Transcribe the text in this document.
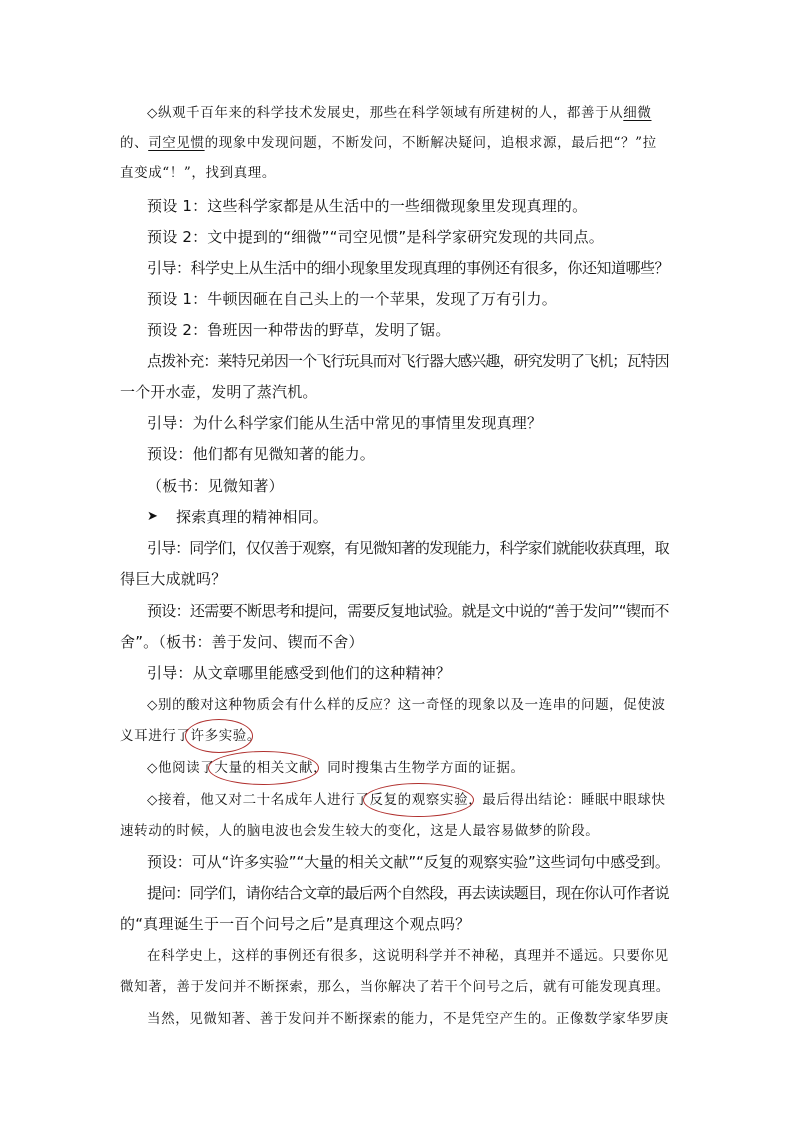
◇纵观千百年来的科学技术发展史，那些在科学领域有所建树的人，都善于从细微
的、司空见惯的现象中发现问题，不断发问，不断解决疑问，追根求源，最后把“？”拉
直变成“！”，找到真理。
预设 1：这些科学家都是从生活中的一些细微现象里发现真理的。
预设 2：文中提到的“细微”“司空见惯”是科学家研究发现的共同点。
引导：科学史上从生活中的细小现象里发现真理的事例还有很多，你还知道哪些？
预设 1：牛顿因砸在自己头上的一个苹果，发现了万有引力。
预设 2：鲁班因一种带齿的野草，发明了锯。
点拨补充：莱特兄弟因一个飞行玩具而对飞行器大感兴趣，研究发明了飞机；瓦特因
一个开水壶，发明了蒸汽机。
引导：为什么科学家们能从生活中常见的事情里发现真理？
预设：他们都有见微知著的能力。
（板书：见微知著）
➤ 探索真理的精神相同。
引导：同学们，仅仅善于观察，有见微知著的发现能力，科学家们就能收获真理，取
得巨大成就吗？
预设：还需要不断思考和提问，需要反复地试验。就是文中说的“善于发问”“锲而不
舍”。（板书：善于发问、锲而不舍）
引导：从文章哪里能感受到他们的这种精神？
◇别的酸对这种物质会有什么样的反应？这一奇怪的现象以及一连串的问题，促使波
义耳进行了许多实验。
◇他阅读了大量的相关文献，同时搜集古生物学方面的证据。
◇接着，他又对二十名成年人进行了反复的观察实验，最后得出结论：睡眠中眼球快
速转动的时候，人的脑电波也会发生较大的变化，这是人最容易做梦的阶段。
预设：可从“许多实验”“大量的相关文献”“反复的观察实验”这些词句中感受到。
提问：同学们，请你结合文章的最后两个自然段，再去读读题目，现在你认可作者说
的“真理诞生于一百个问号之后”是真理这个观点吗？
在科学史上，这样的事例还有很多，这说明科学并不神秘，真理并不遥远。只要你见
微知著，善于发问并不断探索，那么，当你解决了若干个问号之后，就有可能发现真理。
当然，见微知著、善于发问并不断探索的能力，不是凭空产生的。正像数学家华罗庚
